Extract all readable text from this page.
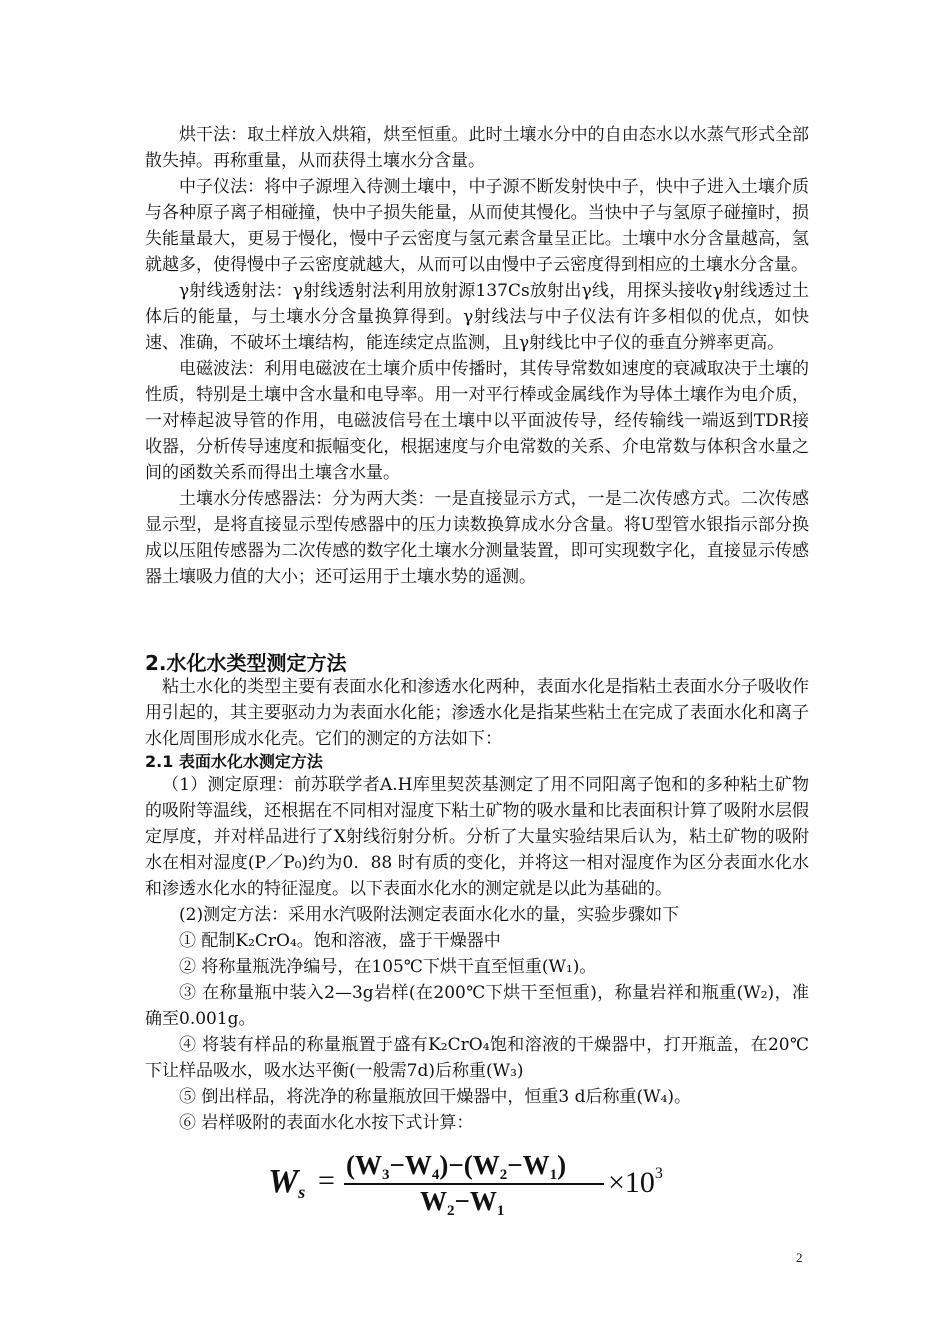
烘干法：取土样放入烘箱，烘至恒重。此时土壤水分中的自由态水以水蒸气形式全部散失掉。再称重量，从而获得土壤水分含量。

中子仪法：将中子源埋入待测土壤中，中子源不断发射快中子，快中子进入土壤介质与各种原子离子相碰撞，快中子损失能量，从而使其慢化。当快中子与氢原子碰撞时，损失能量最大，更易于慢化，慢中子云密度与氢元素含量呈正比。土壤中水分含量越高，氢就越多，使得慢中子云密度就越大，从而可以由慢中子云密度得到相应的土壤水分含量。

γ射线透射法：γ射线透射法利用放射源137Cs放射出γ线，用探头接收γ射线透过土体后的能量，与土壤水分含量换算得到。γ射线法与中子仪法有许多相似的优点，如快速、准确，不破坏土壤结构，能连续定点监测，且γ射线比中子仪的垂直分辨率更高。

电磁波法：利用电磁波在土壤介质中传播时，其传导常数如速度的衰减取决于土壤的性质，特别是土壤中含水量和电导率。用一对平行棒或金属线作为导体土壤作为电介质，一对棒起波导管的作用，电磁波信号在土壤中以平面波传导，经传输线一端返到TDR接收器，分析传导速度和振幅变化，根据速度与介电常数的关系、介电常数与体积含水量之间的函数关系而得出土壤含水量。

土壤水分传感器法：分为两大类：一是直接显示方式，一是二次传感方式。二次传感显示型，是将直接显示型传感器中的压力读数换算成水分含量。将U型管水银指示部分换成以压阻传感器为二次传感的数字化土壤水分测量装置，即可实现数字化，直接显示传感器土壤吸力值的大小；还可运用于土壤水势的遥测。

2.水化水类型测定方法

粘土水化的类型主要有表面水化和渗透水化两种，表面水化是指粘土表面水分子吸收作用引起的，其主要驱动力为表面水化能；渗透水化是指某些粘土在完成了表面水化和离子水化周围形成水化壳。它们的测定的方法如下：

2.1 表面水化水测定方法

（1）测定原理：前苏联学者A.H库里契茨基测定了用不同阳离子饱和的多种粘土矿物的吸附等温线，还根据在不同相对湿度下粘土矿物的吸水量和比表面积计算了吸附水层假定厚度，并对样品进行了X射线衍射分析。分析了大量实验结果后认为，粘土矿物的吸附水在相对湿度(P／P₀)约为0．88 时有质的变化，并将这一相对湿度作为区分表面水化水和渗透水化水的特征湿度。以下表面水化水的测定就是以此为基础的。

(2)测定方法：采用水汽吸附法测定表面水化水的量，实验步骤如下

① 配制K₂CrO₄。饱和溶液，盛于干燥器中

② 将称量瓶洗净编号，在105℃下烘干直至恒重(W₁)。

③ 在称量瓶中装入2—3g岩样(在200℃下烘干至恒重)，称量岩祥和瓶重(W₂)，准确至0.001g。

④ 将装有样品的称量瓶置于盛有K₂CrO₄饱和溶液的干燥器中，打开瓶盖，在20℃下让样品吸水，吸水达平衡(一般需7d)后称重(W₃)

⑤ 倒出样品，将洗净的称量瓶放回干燥器中，恒重3 d后称重(W₄)。

⑥ 岩样吸附的表面水化水按下式计算：

Ws = (W3−W4)−(W2−W1)
W2−W1
$\times 10^3$
2
